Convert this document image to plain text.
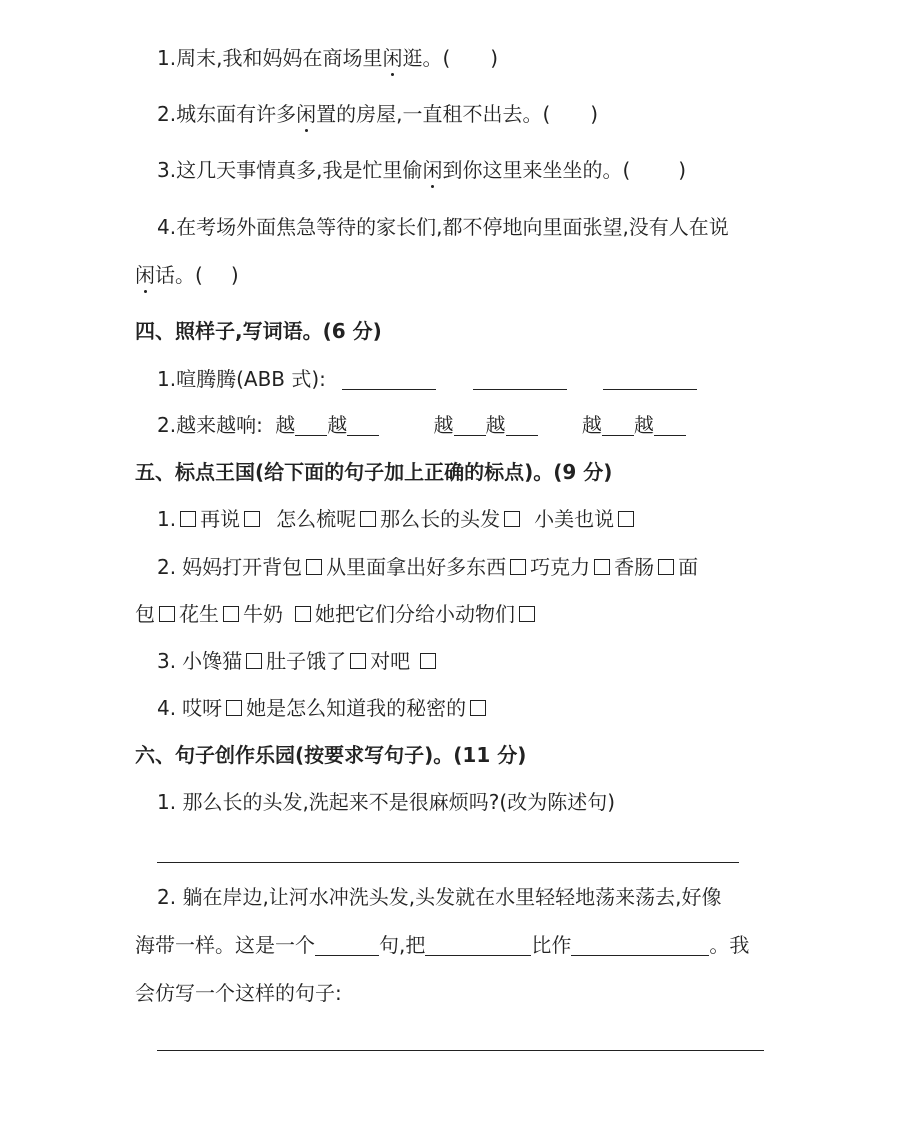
1.周末,我和妈妈在商场里闲逛。( )
2.城东面有许多闲置的房屋,一直租不出去。( )
3.这几天事情真多,我是忙里偷闲到你这里来坐坐的。( )
4.在考场外面焦急等待的家长们,都不停地向里面张望,没有人在说
闲话。( )
四、照样子,写词语。(6 分)
1.喧腾腾(ABB 式):
2.越来越响: 越 越	越 越	越 越
五、标点王国(给下面的句子加上正确的标点)。(9 分)
1. 再说 怎么梳呢 那么长的头发 小美也说
2. 妈妈打开背包 从里面拿出好多东西 巧克力 香肠 面
包 花生 牛奶 她把它们分给小动物们
3. 小馋猫 肚子饿了 对吧
4. 哎呀 她是怎么知道我的秘密的
六、句子创作乐园(按要求写句子)。(11 分)
1. 那么长的头发,洗起来不是很麻烦吗?(改为陈述句)
2. 躺在岸边,让河水冲洗头发,头发就在水里轻轻地荡来荡去,好像
海带一样。这是一个	句,把	比作	。我
会仿写一个这样的句子:
